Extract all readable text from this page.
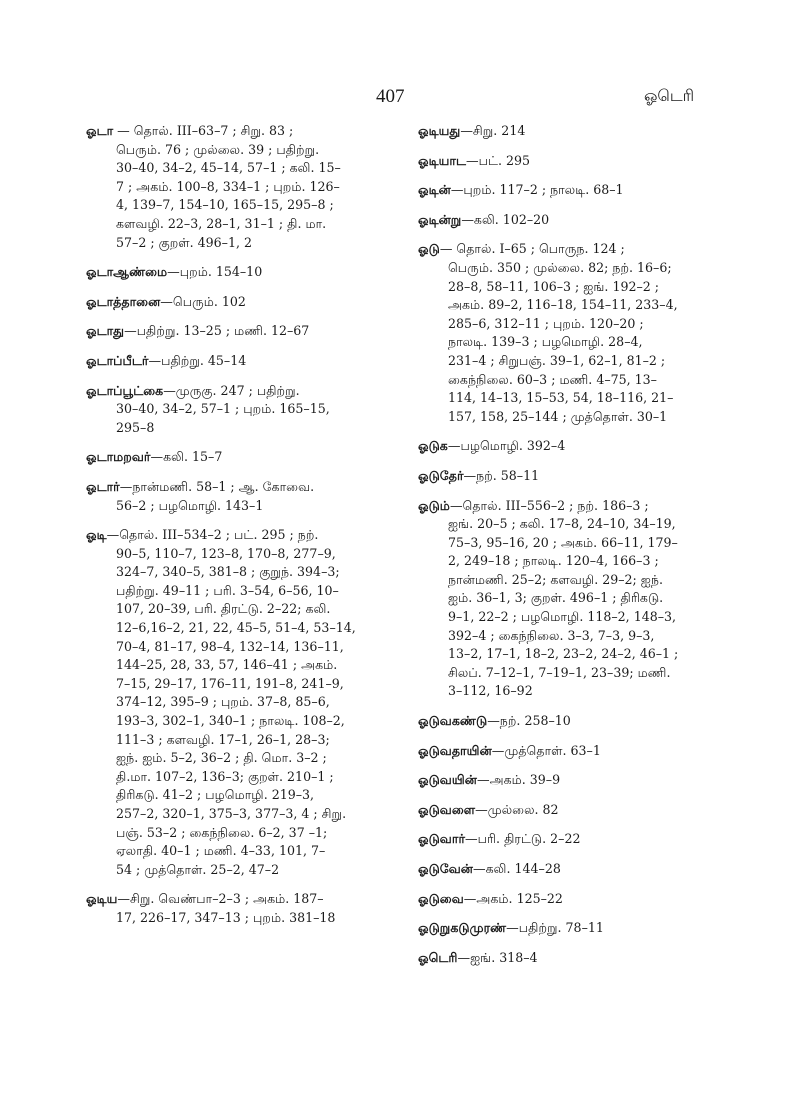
407	ஓடெரி

ஓடா — தொல். III–63–7 ; சிறு. 83 ;
பெரும். 76 ; முல்லை. 39 ; பதிற்று.
30–40, 34–2, 45–14, 57–1 ; கலி. 15–
7 ; அகம். 100–8, 334–1 ; புறம். 126–
4, 139–7, 154–10, 165–15, 295–8 ;
களவழி. 22–3, 28–1, 31–1 ; தி. மா.
57–2 ; குறள். 496–1, 2

ஓடாஆண்மை—புறம். 154–10

ஓடாத்தானை—பெரும். 102

ஓடாது—பதிற்று. 13–25 ; மணி. 12–67

ஓடாப்பீடர்—பதிற்று. 45–14

ஓடாப்பூட்கை—முருகு. 247 ; பதிற்று.
30–40, 34–2, 57–1 ; புறம். 165–15,
295–8

ஓடாமறவர்—கலி. 15–7

ஓடார்—நான்மணி. 58–1 ; ஆ. கோவை.
56–2 ; பழமொழி. 143–1

ஓடி—தொல். III–534–2 ; பட். 295 ; நற்.
90–5, 110–7, 123–8, 170–8, 277–9,
324–7, 340–5, 381–8 ; குறுந். 394–3;
பதிற்று. 49–11 ; பரி. 3–54, 6–56, 10–
107, 20–39, பரி. திரட்டு. 2–22; கலி.
12–6,16–2, 21, 22, 45–5, 51–4, 53–14,
70–4, 81–17, 98–4, 132–14, 136–11,
144–25, 28, 33, 57, 146–41 ; அகம்.
7–15, 29–17, 176–11, 191–8, 241–9,
374–12, 395–9 ; புறம். 37–8, 85–6,
193–3, 302–1, 340–1 ; நாலடி. 108–2,
111–3 ; களவழி. 17–1, 26–1, 28–3;
ஐந். ஐம். 5–2, 36–2 ; தி. மொ. 3–2 ;
தி.மா. 107–2, 136–3; குறள். 210–1 ;
திரிகடு. 41–2 ; பழமொழி. 219–3,
257–2, 320–1, 375–3, 377–3, 4 ; சிறு.
பஞ். 53–2 ; கைந்நிலை. 6–2, 37 –1;
ஏலாதி. 40–1 ; மணி. 4–33, 101, 7–
54 ; முத்தொள். 25–2, 47–2

ஓடிய—சிறு. வெண்பா–2–3 ; அகம். 187–
17, 226–17, 347–13 ; புறம். 381–18

ஓடியது—சிறு. 214

ஓடியாட—பட். 295

ஓடின்—புறம். 117–2 ; நாலடி. 68–1

ஓடின்று—கலி. 102–20

ஓடு— தொல். I–65 ; பொருந. 124 ;
பெரும். 350 ; முல்லை. 82; நற். 16–6;
28–8, 58–11, 106–3 ; ஐங். 192–2 ;
அகம். 89–2, 116–18, 154–11, 233–4,
285–6, 312–11 ; புறம். 120–20 ;
நாலடி. 139–3 ; பழமொழி. 28–4,
231–4 ; சிறுபஞ். 39–1, 62–1, 81–2 ;
கைந்நிலை. 60–3 ; மணி. 4–75, 13–
114, 14–13, 15–53, 54, 18–116, 21–
157, 158, 25–144 ; முத்தொள். 30–1

ஓடுக—பழமொழி. 392–4

ஓடுதேர்—நற். 58–11

ஓடும்—தொல். III–556–2 ; நற். 186–3 ;
ஐங். 20–5 ; கலி. 17–8, 24–10, 34–19,
75–3, 95–16, 20 ; அகம். 66–11, 179–
2, 249–18 ; நாலடி. 120–4, 166–3 ;
நான்மணி. 25–2; களவழி. 29–2; ஐந்.
ஐம். 36–1, 3; குறள். 496–1 ; திரிகடு.
9–1, 22–2 ; பழமொழி. 118–2, 148–3,
392–4 ; கைந்நிலை. 3–3, 7–3, 9–3,
13–2, 17–1, 18–2, 23–2, 24–2, 46–1 ;
சிலப். 7–12–1, 7–19–1, 23–39; மணி.
3–112, 16–92

ஓடுவகண்டு—நற். 258–10

ஓடுவதாயின்—முத்தொள். 63–1

ஓடுவயின்—அகம். 39–9

ஓடுவளை—முல்லை. 82

ஓடுவார்—பரி. திரட்டு. 2–22

ஓடுவேன்—கலி. 144–28

ஓடுவை—அகம். 125–22

ஓடுறுகடுமுரண்—பதிற்று. 78–11

ஓடெரி—ஐங். 318–4
